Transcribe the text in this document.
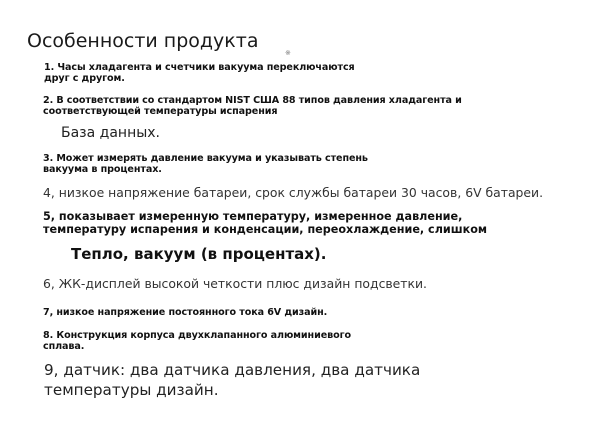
Особенности продукта
※
1. Часы хладагента и счетчики вакуума переключаются друг с другом.
2. В соответствии со стандартом NIST США 88 типов давления хладагента и соответствующей температуры испарения
База данных.
3. Может измерять давление вакуума и указывать степень вакуума в процентах.
4, низкое напряжение батареи, срок службы батареи 30 часов, 6V батареи.
5, показывает измеренную температуру, измеренное давление, температуру испарения и конденсации, переохлаждение, слишком
Тепло, вакуум (в процентах).
6, ЖК-дисплей высокой четкости плюс дизайн подсветки.
7, низкое напряжение постоянного тока 6V дизайн.
8. Конструкция корпуса двухклапанного алюминиевого сплава.
9, датчик: два датчика давления, два датчика температуры дизайн.
